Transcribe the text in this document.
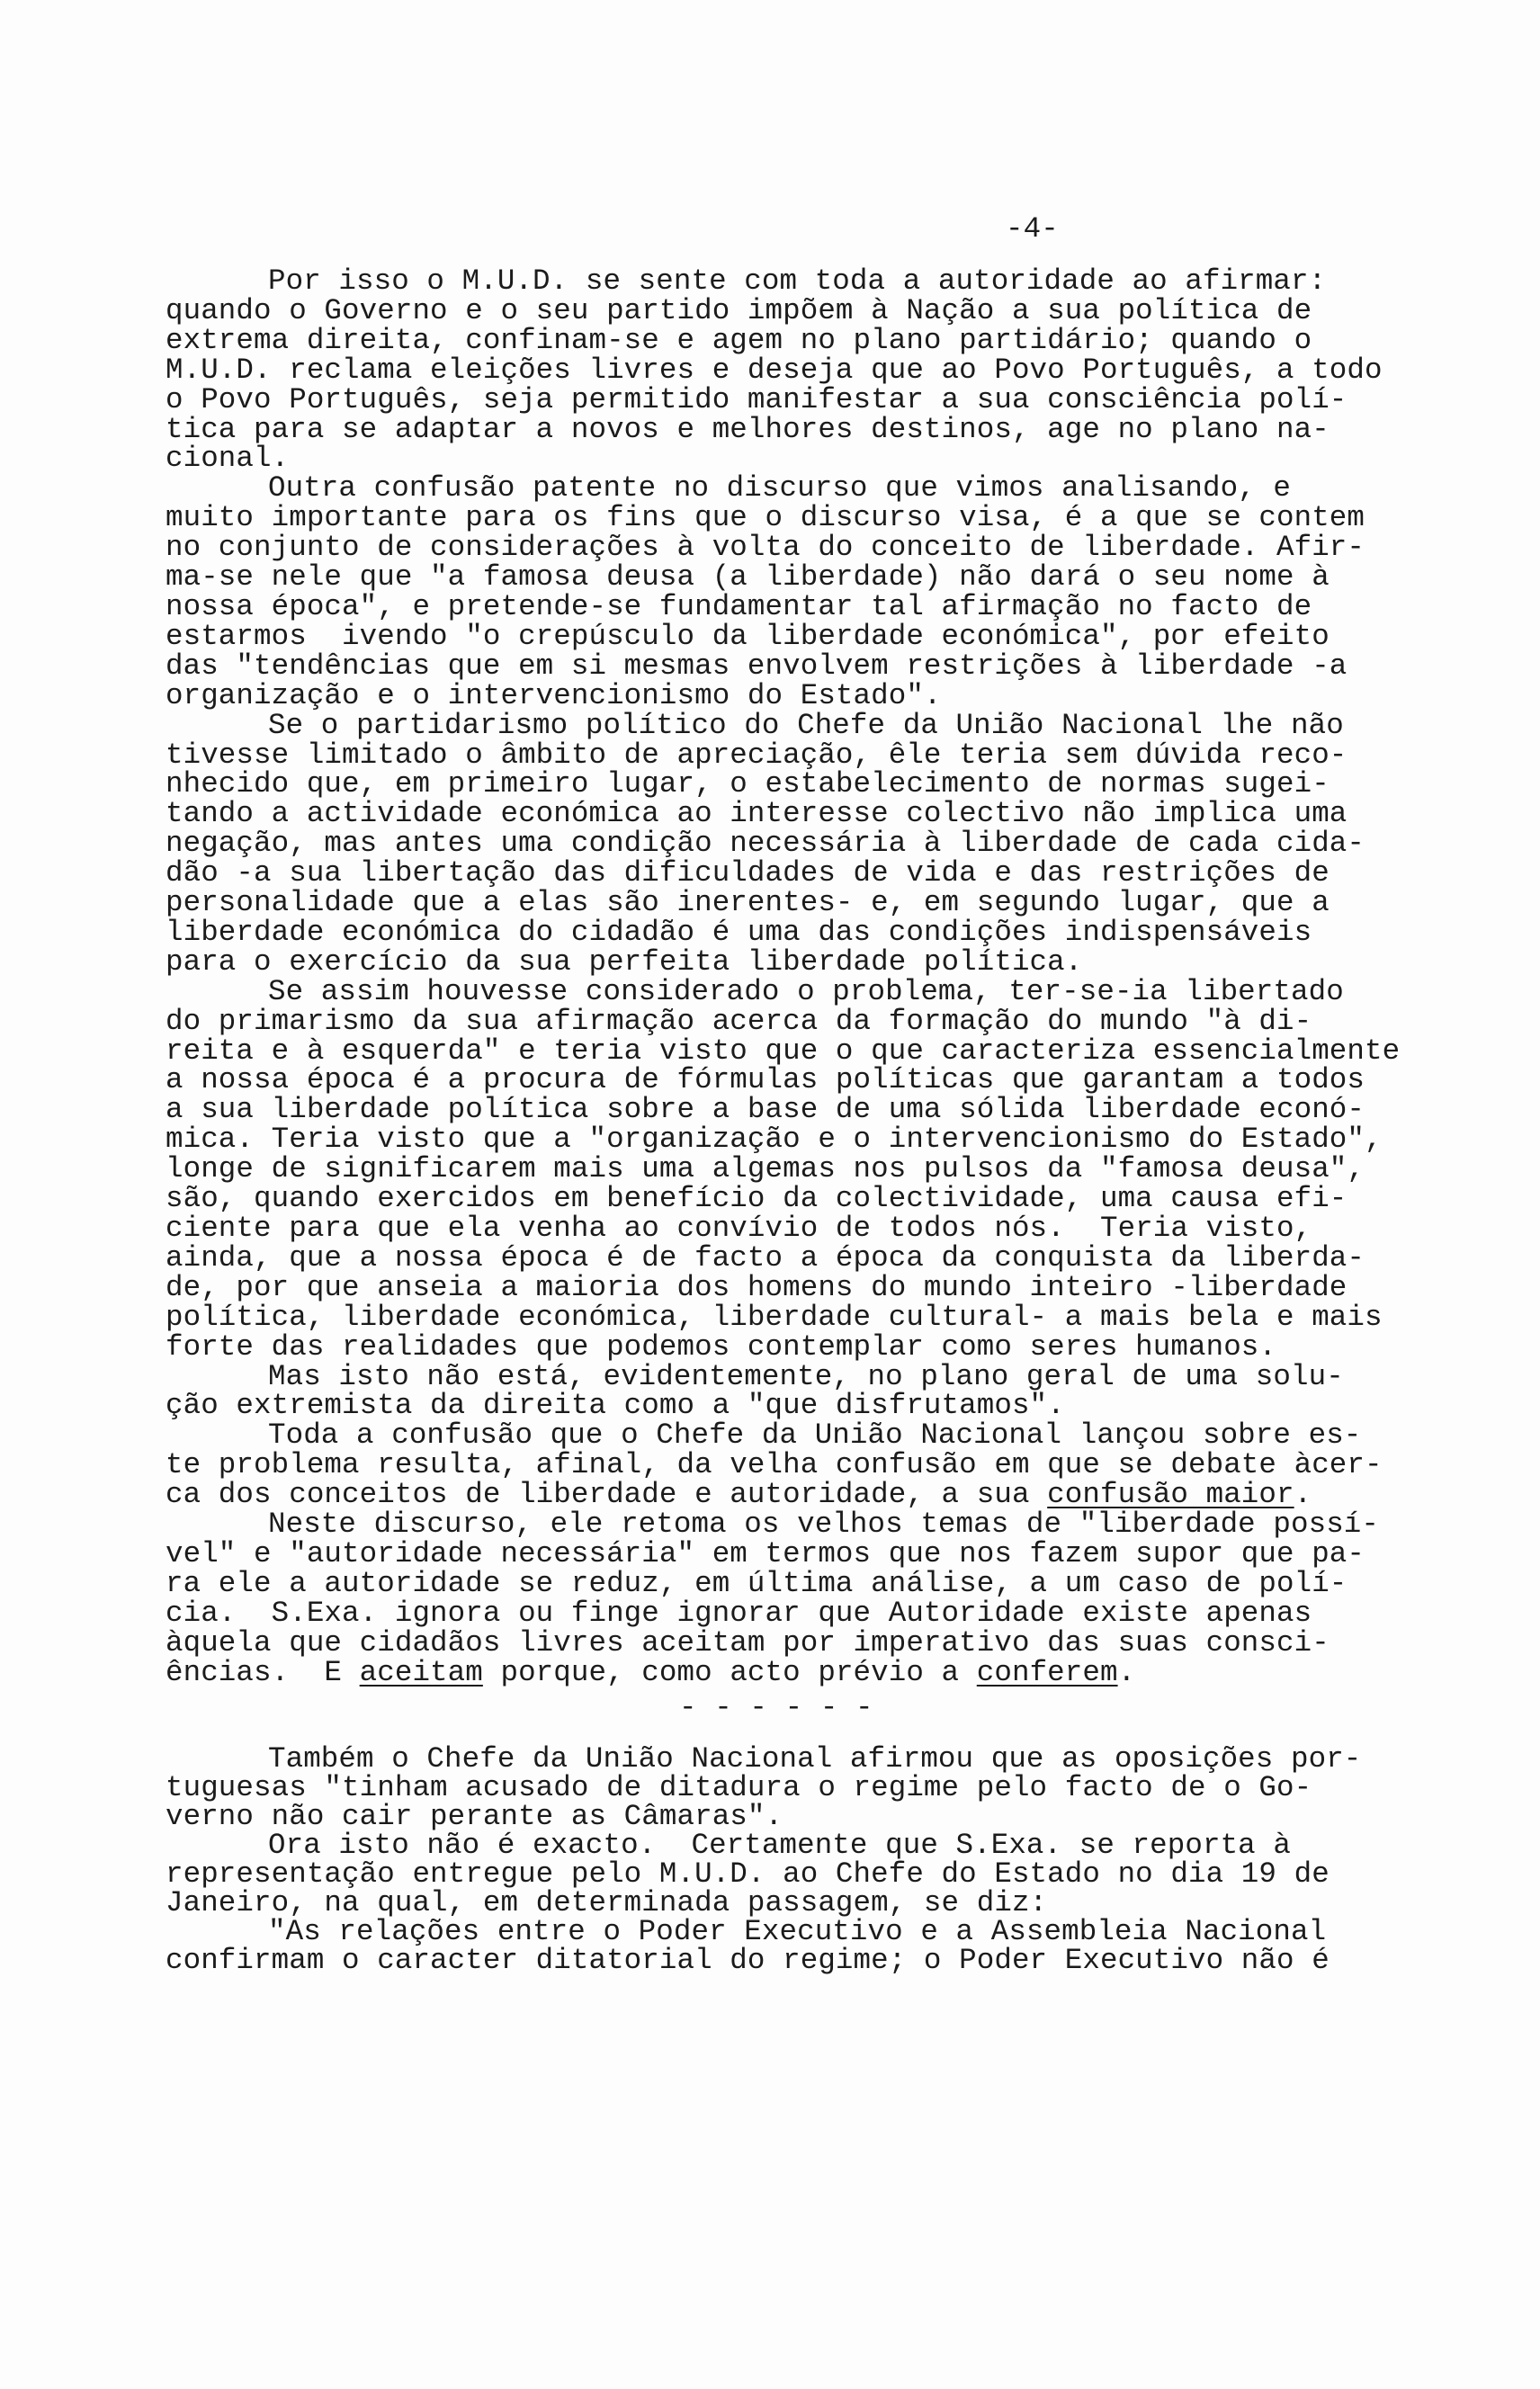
-4-
Por isso o M.U.D. se sente com toda a autoridade ao afirmar:
quando o Governo e o seu partido impõem à Nação a sua política de
extrema direita, confinam-se e agem no plano partidário; quando o
M.U.D. reclama eleições livres e deseja que ao Povo Português, a todo
o Povo Português, seja permitido manifestar a sua consciência polí-
tica para se adaptar a novos e melhores destinos, age no plano na-
cional.
Outra confusão patente no discurso que vimos analisando, e
muito importante para os fins que o discurso visa, é a que se contem
no conjunto de considerações à volta do conceito de liberdade. Afir-
ma-se nele que "a famosa deusa (a liberdade) não dará o seu nome à
nossa época", e pretende-se fundamentar tal afirmação no facto de
estarmos  ivendo "o crepúsculo da liberdade económica", por efeito
das "tendências que em si mesmas envolvem restrições à liberdade -a
organização e o intervencionismo do Estado".
Se o partidarismo político do Chefe da União Nacional lhe não
tivesse limitado o âmbito de apreciação, êle teria sem dúvida reco-
nhecido que, em primeiro lugar, o estabelecimento de normas sugei-
tando a actividade económica ao interesse colectivo não implica uma
negação, mas antes uma condição necessária à liberdade de cada cida-
dão -a sua libertação das dificuldades de vida e das restrições de
personalidade que a elas são inerentes- e, em segundo lugar, que a
liberdade económica do cidadão é uma das condições indispensáveis
para o exercício da sua perfeita liberdade política.
Se assim houvesse considerado o problema, ter-se-ia libertado
do primarismo da sua afirmação acerca da formação do mundo "à di-
reita e à esquerda" e teria visto que o que caracteriza essencialmente
a nossa época é a procura de fórmulas políticas que garantam a todos
a sua liberdade política sobre a base de uma sólida liberdade econó-
mica. Teria visto que a "organização e o intervencionismo do Estado",
longe de significarem mais uma algemas nos pulsos da "famosa deusa",
são, quando exercidos em benefício da colectividade, uma causa efi-
ciente para que ela venha ao convívio de todos nós.  Teria visto,
ainda, que a nossa época é de facto a época da conquista da liberda-
de, por que anseia a maioria dos homens do mundo inteiro -liberdade
política, liberdade económica, liberdade cultural- a mais bela e mais
forte das realidades que podemos contemplar como seres humanos.
Mas isto não está, evidentemente, no plano geral de uma solu-
ção extremista da direita como a "que disfrutamos".
Toda a confusão que o Chefe da União Nacional lançou sobre es-
te problema resulta, afinal, da velha confusão em que se debate àcer-
ca dos conceitos de liberdade e autoridade, a sua confusão maior.
Neste discurso, ele retoma os velhos temas de "liberdade possí-
vel" e "autoridade necessária" em termos que nos fazem supor que pa-
ra ele a autoridade se reduz, em última análise, a um caso de polí-
cia.  S.Exa. ignora ou finge ignorar que Autoridade existe apenas
àquela que cidadãos livres aceitam por imperativo das suas consci-
ências.  E aceitam porque, como acto prévio a conferem.
- - - - - -
Também o Chefe da União Nacional afirmou que as oposições por-
tuguesas "tinham acusado de ditadura o regime pelo facto de o Go-
verno não cair perante as Câmaras".
Ora isto não é exacto.  Certamente que S.Exa. se reporta à
representação entregue pelo M.U.D. ao Chefe do Estado no dia 19 de
Janeiro, na qual, em determinada passagem, se diz:
"As relações entre o Poder Executivo e a Assembleia Nacional
confirmam o caracter ditatorial do regime; o Poder Executivo não é
